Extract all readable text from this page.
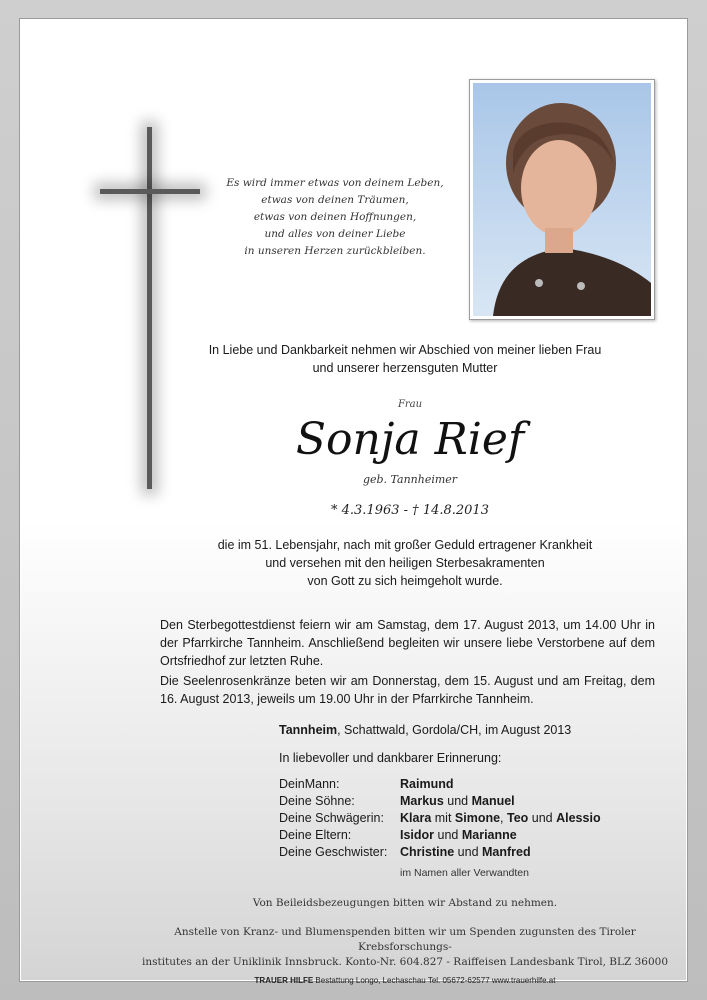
Es wird immer etwas von deinem Leben,
etwas von deinen Träumen,
etwas von deinen Hoffnungen,
und alles von deiner Liebe
in unseren Herzen zurückbleiben.
In Liebe und Dankbarkeit nehmen wir Abschied von meiner lieben Frau
und unserer herzensguten Mutter
Frau
Sonja Rief
geb. Tannheimer
* 4.3.1963 - † 14.8.2013
die im 51. Lebensjahr, nach mit großer Geduld ertragener Krankheit
und versehen mit den heiligen Sterbesakramenten
von Gott zu sich heimgeholt wurde.
Den Sterbegottestdienst feiern wir am Samstag, dem 17. August 2013, um 14.00 Uhr in der Pfarrkirche Tannheim. Anschließend begleiten wir unsere liebe Verstorbene auf dem Ortsfriedhof zur letzten Ruhe.
Die Seelenrosenkränze beten wir am Donnerstag, dem 15. August und am Freitag, dem 16. August 2013, jeweils um 19.00 Uhr in der Pfarrkirche Tannheim.
Tannheim, Schattwald, Gordola/CH, im August 2013
In liebevoller und dankbarer Erinnerung:
DeinMann:	Raimund
Deine Söhne:	Markus und Manuel
Deine Schwägerin:	Klara mit Simone, Teo und Alessio
Deine Eltern:	Isidor und Marianne
Deine Geschwister:	Christine und Manfred
im Namen aller Verwandten
Von Beileidsbezeugungen bitten wir Abstand zu nehmen.
Anstelle von Kranz- und Blumenspenden bitten wir um Spenden zugunsten des Tiroler Krebsforschungs-
institutes an der Uniklinik Innsbruck. Konto-Nr. 604.827 - Raiffeisen Landesbank Tirol, BLZ 36000
TRAUER HILFE Bestattung Longo, Lechaschau Tel. 05672-62577 www.trauerhilfe.at
